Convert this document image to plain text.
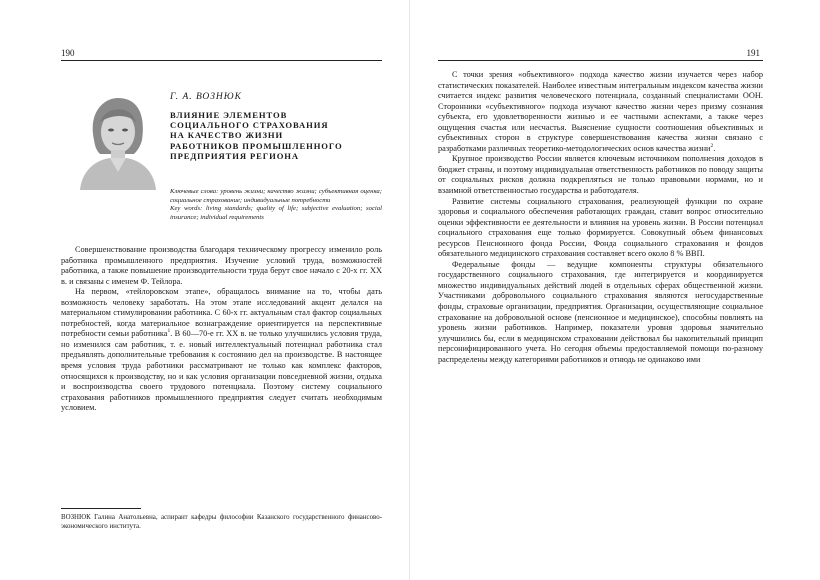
190
Г. А. ВОЗНЮК
ВЛИЯНИЕ ЭЛЕМЕНТОВ
СОЦИАЛЬНОГО СТРАХОВАНИЯ
НА КАЧЕСТВО ЖИЗНИ
РАБОТНИКОВ ПРОМЫШЛЕННОГО
ПРЕДПРИЯТИЯ РЕГИОНА
Ключевые слова: уровень жизни; качество жизни; субъективная оценка; социальное страхование; индивидуальные потребности
Key words: living standards; quality of life; subjective evaluation; social insurance; individual requirements

Совершенствование производства благодаря техническому прогрессу изменило роль работника промышленного предприятия. Изучение условий труда, возможностей работника, а также повышение производительности труда берут свое начало с 20-х гг. XX в. и связаны с именем Ф. Тейлора.

На первом, «тейлоровском этапе», обращалось внимание на то, чтобы дать возможность человеку заработать. На этом этапе исследований акцент делался на материальном стимулировании работника. С 60-х гг. актуальным стал фактор социальных потребностей, когда материальное вознаграждение ориентируется на перспективные потребности семьи работника$^1$. В 60—70-е гг. XX в. не только улучшились условия труда, но изменился сам работник, т. е. новый интеллектуальный потенциал работника стал предъявлять дополнительные требования к состоянию дел на производстве. В настоящее время условия труда работники рассматривают не только как комплекс факторов, относящихся к производству, но и как условия организации повседневной жизни, отдыха и воспроизводства своего трудового потенциала. Поэтому систему социального страхования работников промышленного предприятия следует считать необходимым условием.

ВОЗНЮК Галина Анатольевна, аспирант кафедры философии Казанского государственного финансово-экономического института.
191

С точки зрения «объективного» подхода качество жизни изучается через набор статистических показателей. Наиболее известным интегральным индексом качества жизни считается индекс развития человеческого потенциала, созданный специалистами ООН. Сторонники «субъективного» подхода изучают качество жизни через призму сознания субъекта, его удовлетворенности жизнью и ее частными аспектами, а также через ощущения счастья или несчастья. Выяснение сущности соотношения объективных и субъективных сторон в структуре совершенствования качества жизни связано с разработками различных теоретико-методологических основ качества жизни$^2$.

Крупное производство России является ключевым источником пополнения доходов в бюджет страны, и поэтому индивидуальная ответственность работников по поводу защиты от социальных рисков должна подкрепляться не только правовыми нормами, но и взаимной ответственностью государства и работодателя.

Развитие системы социального страхования, реализующей функции по охране здоровья и социального обеспечения работающих граждан, ставит вопрос относительно оценки эффективности ее деятельности и влияния на уровень жизни. В России потенциал социального страхования еще только формируется. Совокупный объем финансовых ресурсов Пенсионного фонда России, Фонда социального страхования и фондов обязательного медицинского страхования составляет всего около 8 % ВВП.

Федеральные фонды — ведущие компоненты структуры обязательного государственного социального страхования, где интегрируется и координируется множество индивидуальных действий людей в отдельных сферах общественной жизни. Участниками добровольного социального страхования являются негосударственные фонды, страховые организации, предприятия. Организации, осуществляющие социальное страхование на добровольной основе (пенсионное и медицинское), способны повлиять на уровень жизни работников. Например, показатели уровня здоровья значительно улучшились бы, если в медицинском страховании действовал бы накопительный принцип персонифицированного учета. Но сегодня объемы предоставляемой помощи по-разному распределены между категориями работников и отнюдь не одинаково ими
